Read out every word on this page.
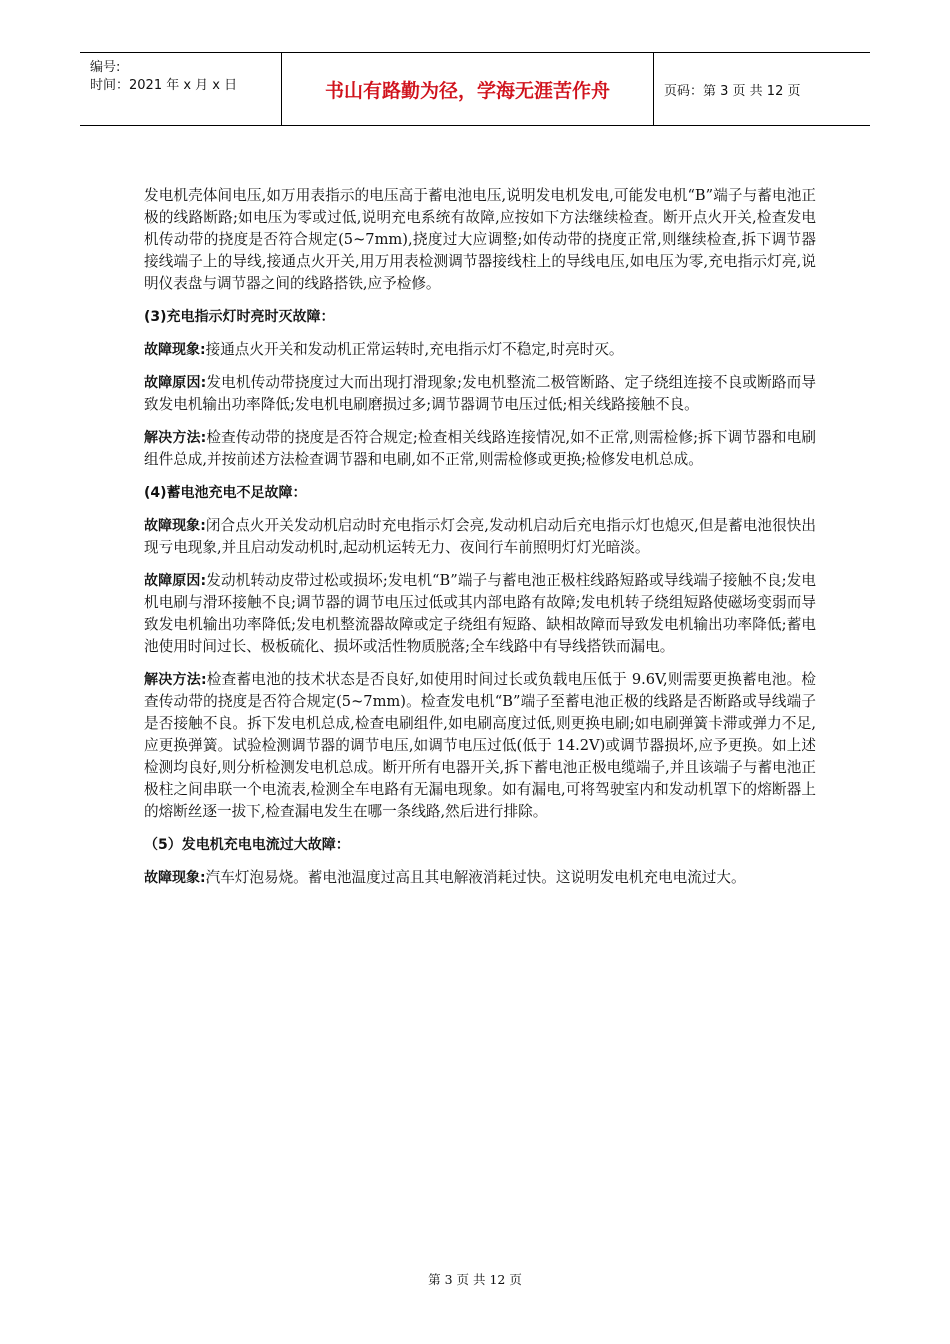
编号:
时间：2021 年 x 月 x 日	书山有路勤为径，学海无涯苦作舟	页码：第 3 页 共 12 页

发电机壳体间电压,如万用表指示的电压高于蓄电池电压,说明发电机发电,可能发电机“B”端子与蓄电池正极的线路断路;如电压为零或过低,说明充电系统有故障,应按如下方法继续检查。断开点火开关,检查发电机传动带的挠度是否符合规定(5~7mm),挠度过大应调整;如传动带的挠度正常,则继续检查,拆下调节器接线端子上的导线,接通点火开关,用万用表检测调节器接线柱上的导线电压,如电压为零,充电指示灯亮,说明仪表盘与调节器之间的线路搭铁,应予检修。

(3)充电指示灯时亮时灭故障：

故障现象:接通点火开关和发动机正常运转时,充电指示灯不稳定,时亮时灭。

故障原因:发电机传动带挠度过大而出现打滑现象;发电机整流二极管断路、定子绕组连接不良或断路而导致发电机输出功率降低;发电机电刷磨损过多;调节器调节电压过低;相关线路接触不良。

解决方法:检查传动带的挠度是否符合规定;检查相关线路连接情况,如不正常,则需检修;拆下调节器和电刷组件总成,并按前述方法检查调节器和电刷,如不正常,则需检修或更换;检修发电机总成。

(4)蓄电池充电不足故障：

故障现象:闭合点火开关发动机启动时充电指示灯会亮,发动机启动后充电指示灯也熄灭,但是蓄电池很快出现亏电现象,并且启动发动机时,起动机运转无力、夜间行车前照明灯灯光暗淡。

故障原因:发动机转动皮带过松或损坏;发电机“B”端子与蓄电池正极柱线路短路或导线端子接触不良;发电机电刷与滑环接触不良;调节器的调节电压过低或其内部电路有故障;发电机转子绕组短路使磁场变弱而导致发电机输出功率降低;发电机整流器故障或定子绕组有短路、缺相故障而导致发电机输出功率降低;蓄电池使用时间过长、极板硫化、损坏或活性物质脱落;全车线路中有导线搭铁而漏电。

解决方法:检查蓄电池的技术状态是否良好,如使用时间过长或负载电压低于 9.6V,则需要更换蓄电池。检查传动带的挠度是否符合规定(5~7mm)。检查发电机“B”端子至蓄电池正极的线路是否断路或导线端子是否接触不良。拆下发电机总成,检查电刷组件,如电刷高度过低,则更换电刷;如电刷弹簧卡滞或弹力不足,应更换弹簧。试验检测调节器的调节电压,如调节电压过低(低于 14.2V)或调节器损坏,应予更换。如上述检测均良好,则分析检测发电机总成。断开所有电器开关,拆下蓄电池正极电缆端子,并且该端子与蓄电池正极柱之间串联一个电流表,检测全车电路有无漏电现象。如有漏电,可将驾驶室内和发动机罩下的熔断器上的熔断丝逐一拔下,检查漏电发生在哪一条线路,然后进行排除。

（5）发电机充电电流过大故障：

故障现象:汽车灯泡易烧。蓄电池温度过高且其电解液消耗过快。这说明发电机充电电流过大。

第 3 页 共 12 页
